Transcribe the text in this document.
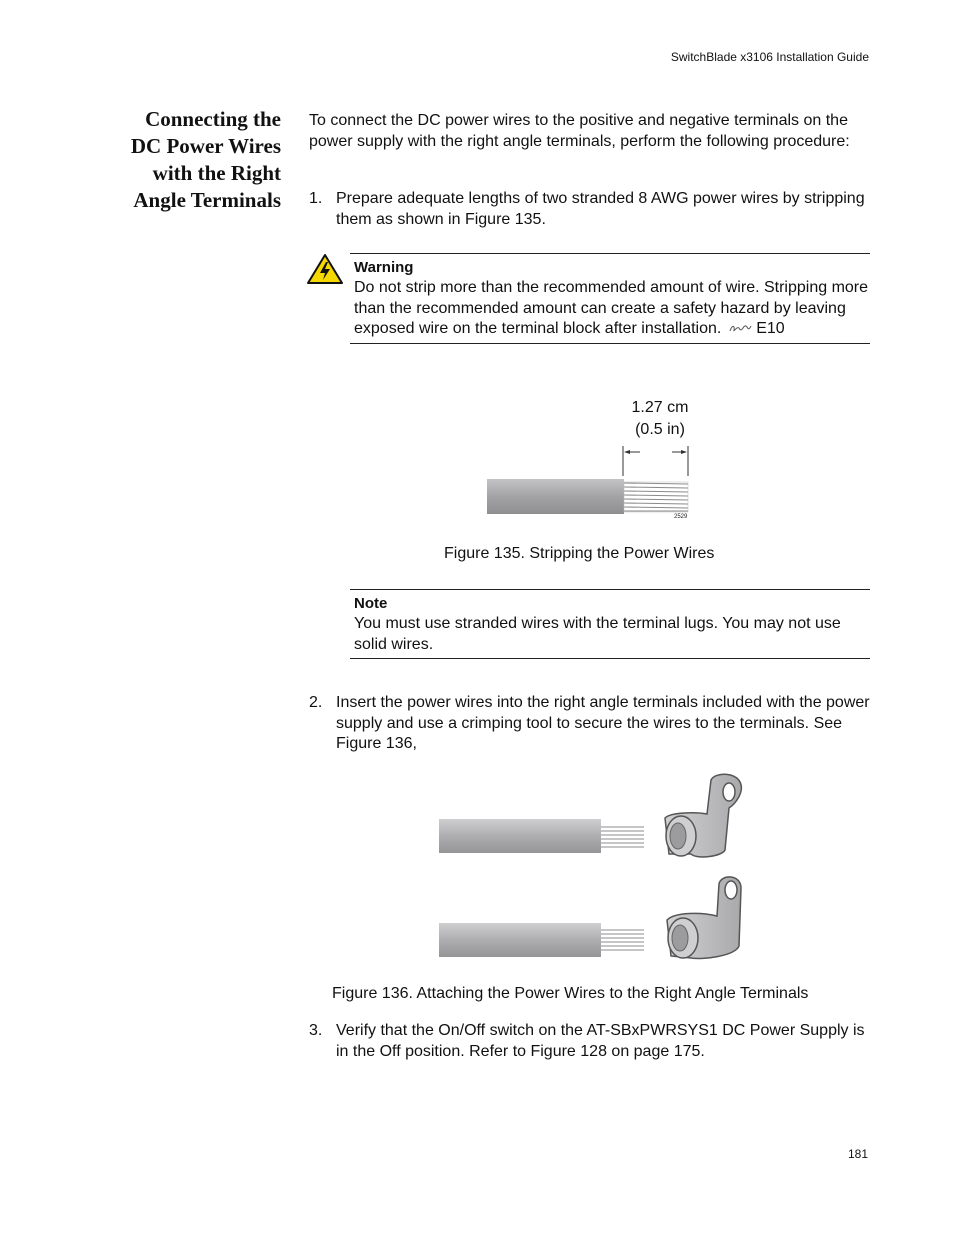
SwitchBlade x3106 Installation Guide
Connecting the
DC Power Wires
with the Right
Angle Terminals
To connect the DC power wires to the positive and negative terminals on the power supply with the right angle terminals, perform the following procedure:
1. Prepare adequate lengths of two stranded 8 AWG power wires by stripping them as shown in Figure 135.
Warning
Do not strip more than the recommended amount of wire. Stripping more than the recommended amount can create a safety hazard by leaving exposed wire on the terminal block after installation. E10
1.27 cm
(0.5 in)
2529
Figure 135. Stripping the Power Wires
Note
You must use stranded wires with the terminal lugs. You may not use solid wires.
2. Insert the power wires into the right angle terminals included with the power supply and use a crimping tool to secure the wires to the terminals. See Figure 136,
Figure 136. Attaching the Power Wires to the Right Angle Terminals
3. Verify that the On/Off switch on the AT-SBxPWRSYS1 DC Power Supply is in the Off position. Refer to Figure 128 on page 175.
181
